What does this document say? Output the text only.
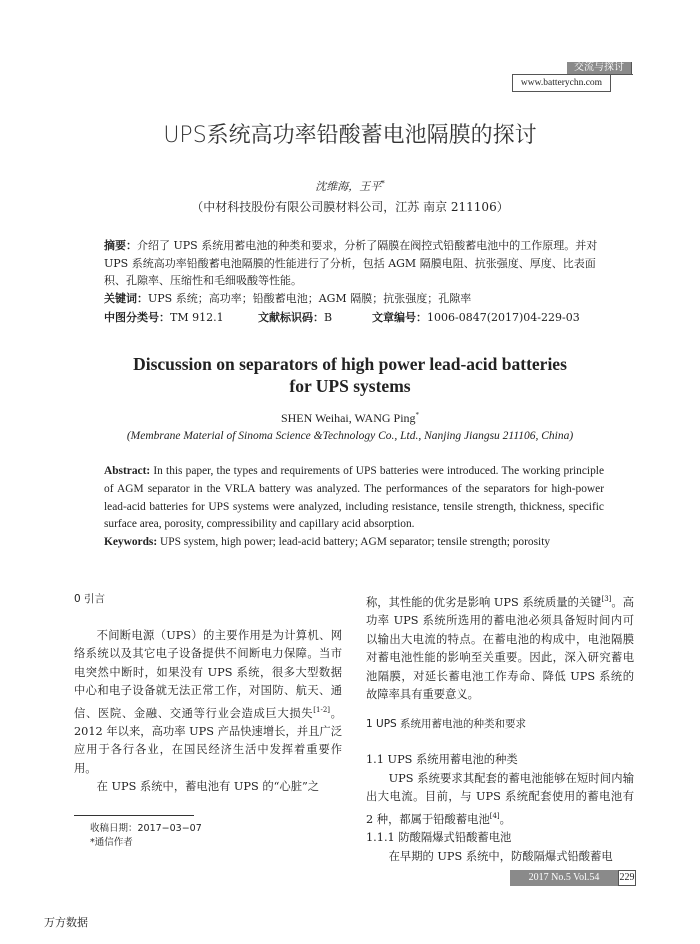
交流与探讨
www.batterychn.com
UPS系统高功率铅酸蓄电池隔膜的探讨
沈维海，王平*
（中材科技股份有限公司膜材料公司，江苏 南京 211106）
摘要：介绍了 UPS 系统用蓄电池的种类和要求，分析了隔膜在阀控式铅酸蓄电池中的工作原理。并对 UPS 系统高功率铅酸蓄电池隔膜的性能进行了分析，包括 AGM 隔膜电阻、抗张强度、厚度、比表面积、孔隙率、压缩性和毛细吸酸等性能。
关键词：UPS 系统；高功率；铅酸蓄电池；AGM 隔膜；抗张强度；孔隙率
中图分类号：TM 912.1	文献标识码：B	文章编号：1006-0847(2017)04-229-03
Discussion on separators of high power lead-acid batteries for UPS systems
SHEN Weihai, WANG Ping*
(Membrane Material of Sinoma Science &Technology Co., Ltd., Nanjing Jiangsu 211106, China)
Abstract: In this paper, the types and requirements of UPS batteries were introduced. The working principle of AGM separator in the VRLA battery was analyzed. The performances of the separators for high-power lead-acid batteries for UPS systems were analyzed, including resistance, tensile strength, thickness, specific surface area, porosity, compressibility and capillary acid absorption.
Keywords: UPS system, high power; lead-acid battery; AGM separator; tensile strength; porosity

0 引言

不间断电源（UPS）的主要作用是为计算机、网络系统以及其它电子设备提供不间断电力保障。当市电突然中断时，如果没有 UPS 系统，很多大型数据中心和电子设备就无法正常工作，对国防、航天、通信、医院、金融、交通等行业会造成巨大损失[1-2]。2012 年以来，高功率 UPS 产品快速增长，并且广泛应用于各行各业，在国民经济生活中发挥着重要作用。

在 UPS 系统中，蓄电池有 UPS 的“心脏”之

收稿日期：2017−03−07
*通信作者

称，其性能的优劣是影响 UPS 系统质量的关键[3]。高功率 UPS 系统所选用的蓄电池必须具备短时间内可以输出大电流的特点。在蓄电池的构成中，电池隔膜对蓄电池性能的影响至关重要。因此，深入研究蓄电池隔膜，对延长蓄电池工作寿命、降低 UPS 系统的故障率具有重要意义。

1 UPS 系统用蓄电池的种类和要求

1.1 UPS 系统用蓄电池的种类

UPS 系统要求其配套的蓄电池能够在短时间内输出大电流。目前，与 UPS 系统配套使用的蓄电池有 2 种，都属于铅酸蓄电池[4]。

1.1.1 防酸隔爆式铅酸蓄电池

在早期的 UPS 系统中，防酸隔爆式铅酸蓄电

2017 No.5 Vol.54	229
万方数据
